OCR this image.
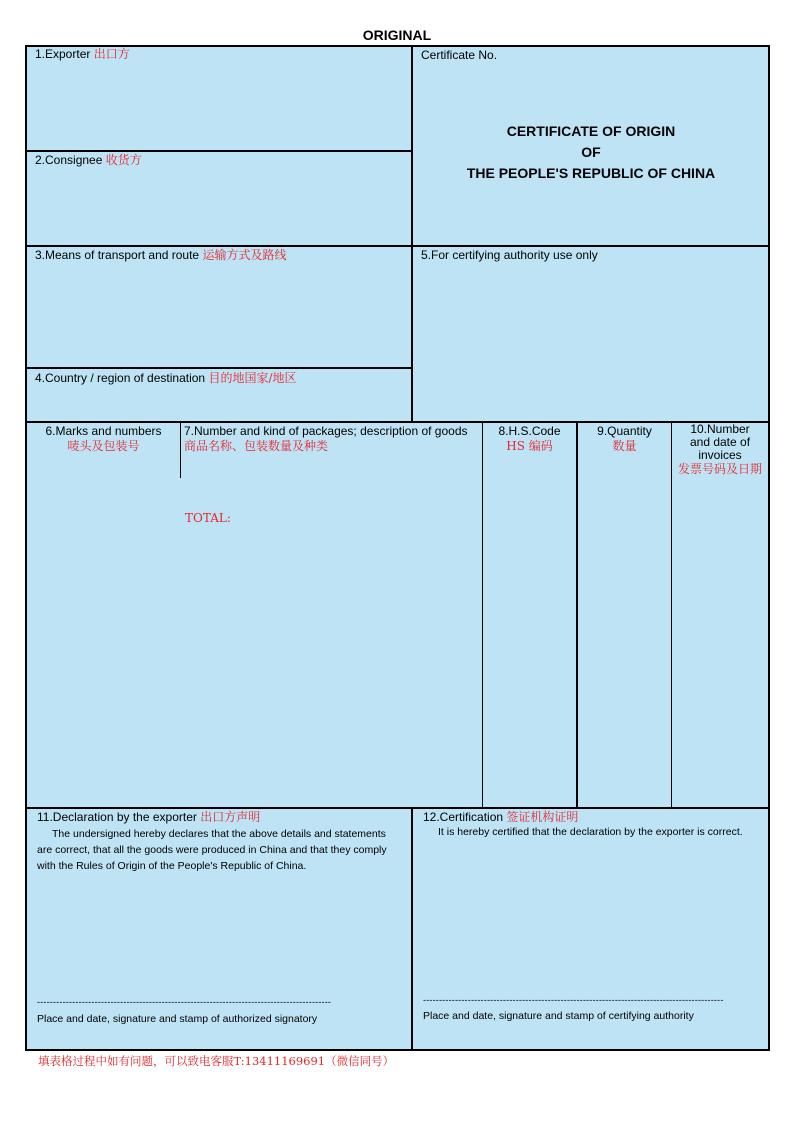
ORIGINAL
1.Exporter 出口方	Certificate No.
CERTIFICATE OF ORIGIN
OF
THE PEOPLE'S REPUBLIC OF CHINA
2.Consignee 收货方
3.Means of transport and route 运输方式及路线	5.For certifying authority use only
4.Country / region of destination 目的地国家/地区
6.Marks and numbers
唛头及包装号
7.Number and kind of packages; description of goods
商品名称、包装数量及种类
8.H.S.Code
HS 编码
9.Quantity
数量
10.Number
and date of
invoices
发票号码及日期
TOTAL:
11.Declaration by the exporter 出口方声明
The undersigned hereby declares that the above details and statements
are correct, that all the goods were produced in China and that they comply
with the Rules of Origin of the People's Republic of China.
--------------------------------------------------------------------------------------------
Place and date, signature and stamp of authorized signatory
12.Certification 签证机构证明
It is hereby certified that the declaration by the exporter is correct.
----------------------------------------------------------------------------------------------
Place and date, signature and stamp of certifying authority
填表格过程中如有问题，可以致电客服T:13411169691（微信同号）
